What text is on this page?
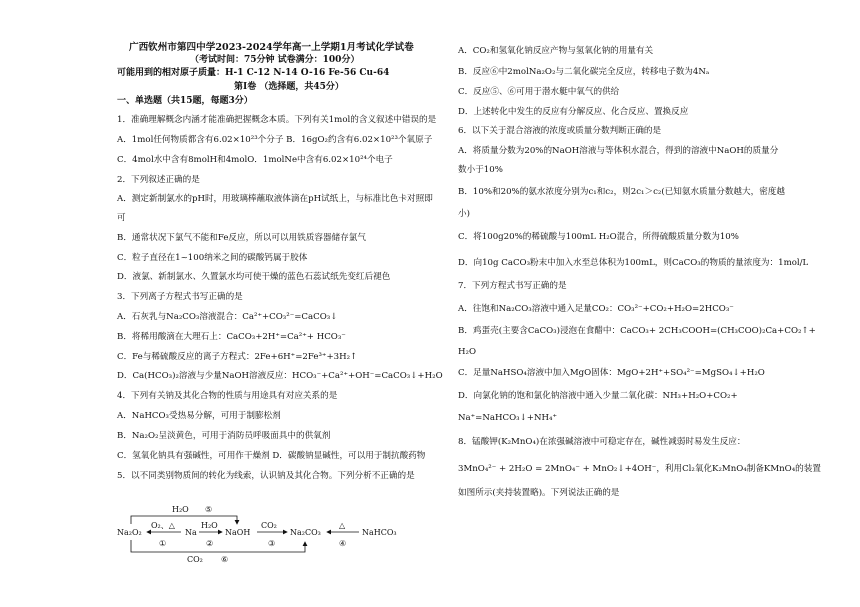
广西钦州市第四中学2023-2024学年高一上学期1月考试化学试卷
（考试时间：75分钟 试卷满分：100分）
可能用到的相对原子质量：H-1 C-12 N-14 O-16 Fe-56 Cu-64
第Ⅰ卷 （选择题，共45分）
一、单选题（共15题，每题3分）
1．准确理解概念内涵才能准确把握概念本质。下列有关1mol的含义叙述中错误的是
A．1mol任何物质都含有6.02×10²³个分子 B．16gO₂约含有6.02×10²³个氧原子
C．4mol水中含有8molH和4molO．1molNe中含有6.02×10²⁴个电子
2．下列叙述正确的是
A．测定新制氯水的pH时，用玻璃棒蘸取液体滴在pH试纸上，与标准比色卡对照即
可
B．通常状况下氯气不能和Fe反应，所以可以用铁质容器储存氯气
C．粒子直径在1~100纳米之间的碳酸钙属于胶体
D．液氯、新制氯水、久置氯水均可使干燥的蓝色石蕊试纸先变红后褪色
3．下列离子方程式书写正确的是
A．石灰乳与Na₂CO₃溶液混合：Ca²⁺+CO₃²⁻=CaCO₃↓
B．将稀用酸滴在大理石上：CaCO₃+2H⁺=Ca²⁺+ HCO₃⁻
C．Fe与稀硫酸反应的离子方程式：2Fe+6H⁺=2Fe³⁺+3H₂↑
D．Ca(HCO₃)₂溶液与少量NaOH溶液反应：HCO₃⁻+Ca²⁺+OH⁻=CaCO₃↓+H₂O
4．下列有关钠及其化合物的性质与用途具有对应关系的是
A．NaHCO₃受热易分解，可用于制膨松剂
B．Na₂O₂呈淡黄色，可用于消防员呼吸面具中的供氧剂
C．氢氧化钠具有强碱性，可用作干燥剂 D．碳酸钠显碱性，可以用于制抗酸药物
5．以不同类别物质间的转化为线索，认识钠及其化合物。下列分析不正确的是
Na₂O₂	Na	NaOH	Na₂CO₃	NaHCO₃
H₂O ⑤
O₂、△
①
H₂O
②
CO₂
③
△
④
CO₂ ⑥
A．CO₂和氢氧化钠反应产物与氢氧化钠的用量有关
B．反应⑥中2molNa₂O₂与二氧化碳完全反应，转移电子数为4Nₐ
C．反应⑤、⑥可用于潜水艇中氧气的供给
D．上述转化中发生的反应有分解反应、化合反应、置换反应
6．以下关于混合溶液的浓度或质量分数判断正确的是
A．将质量分数为20%的NaOH溶液与等体积水混合，得到的溶液中NaOH的质量分
数小于10%
B．10%和20%的氨水浓度分别为c₁和c₂，则2c₁＞c₂(已知氨水质量分数越大，密度越
小)
C．将100g20%的稀硫酸与100mL H₂O混合，所得硫酸质量分数为10%
D．向10g CaCO₃粉末中加入水至总体积为100mL，则CaCO₃的物质的量浓度为：1mol/L
7．下列方程式书写正确的是
A．往饱和Na₂CO₃溶液中通入足量CO₂：CO₃²⁻+CO₂+H₂O=2HCO₃⁻
B．鸡蛋壳(主要含CaCO₃)浸泡在食醋中：CaCO₃+ 2CH₃COOH=(CH₃COO)₂Ca+CO₂↑+
H₂O
C．足量NaHSO₄溶液中加入MgO固体：MgO+2H⁺+SO₄²⁻=MgSO₄↓+H₂O
D．向氯化钠的饱和氯化钠溶液中通入少量二氧化碳：NH₃+H₂O+CO₂+
Na⁺=NaHCO₃↓+NH₄⁺
8．锰酸钾(K₂MnO₄)在浓强碱溶液中可稳定存在，碱性减弱时易发生反应：
3MnO₄²⁻ + 2H₂O = 2MnO₄⁻ + MnO₂↓+4OH⁻，利用Cl₂氧化K₂MnO₄制备KMnO₄的装置
如图所示(夹持装置略)。下列说法正确的是
